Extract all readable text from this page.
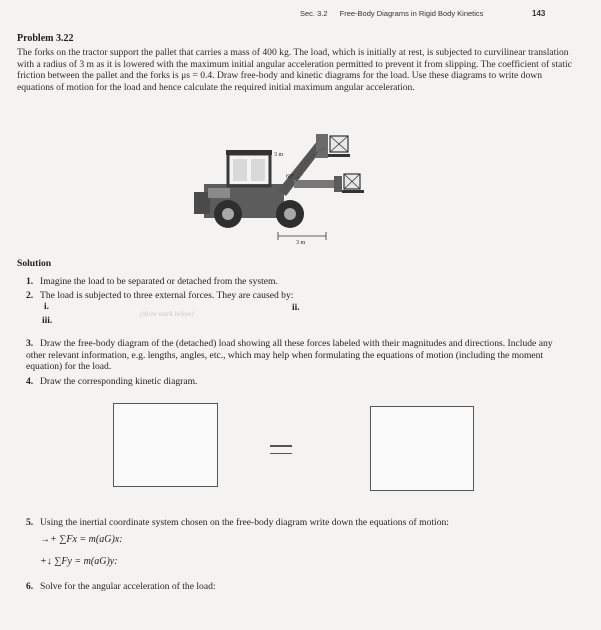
Sec. 3.2 Free-Body Diagrams in Rigid Body Kinetics	143
Problem 3.22
The forks on the tractor support the pallet that carries a mass of 400 kg. The load, which is initially at rest, is subjected to curvilinear translation with a radius of 3 m as it is lowered with the maximum initial angular acceleration permitted to prevent it from slipping. The coefficient of static friction between the pallet and the forks is μs = 0.4. Draw free-body and kinetic diagrams for the load. Use these diagrams to write down equations of motion for the load and hence calculate the required initial maximum angular acceleration.
3 m
60°
3 m
Solution
1. Imagine the load to be separated or detached from the system.
2. The load is subjected to three external forces. They are caused by:
i.
(show mark below)
ii.
iii.
3. Draw the free-body diagram of the (detached) load showing all these forces labeled with their magnitudes and directions. Include any other relevant information, e.g. lengths, angles, etc., which may help when formulating the equations of motion (including the moment equation) for the load.
4. Draw the corresponding kinetic diagram.
5. Using the inertial coordinate system chosen on the free-body diagram write down the equations of motion:
→+ ∑Fx = m(aG)x:
+↓ ∑Fy = m(aG)y:
6. Solve for the angular acceleration of the load:
